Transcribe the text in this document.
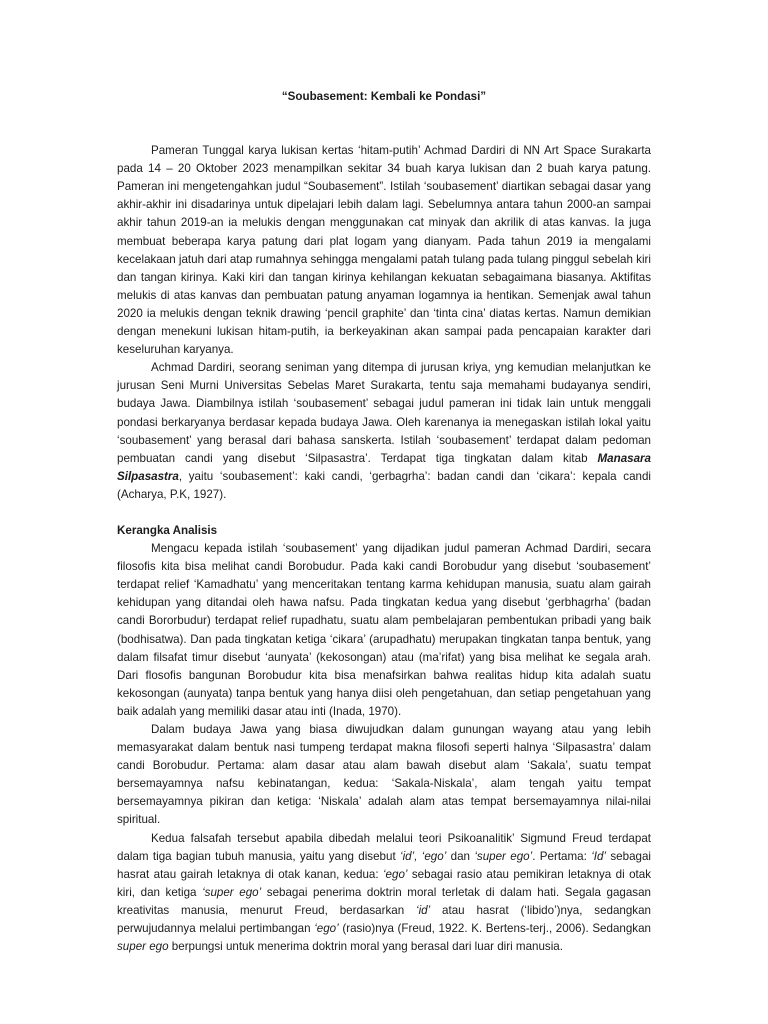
“Soubasement: Kembali ke Pondasi”

Pameran Tunggal karya lukisan kertas ‘hitam-putih’ Achmad Dardiri di NN Art Space Surakarta pada 14 – 20 Oktober 2023 menampilkan sekitar 34 buah karya lukisan dan 2 buah karya patung. Pameran ini mengetengahkan judul “Soubasement”. Istilah ‘soubasement’ diartikan sebagai dasar yang akhir-akhir ini disadarinya untuk dipelajari lebih dalam lagi. Sebelumnya antara tahun 2000-an sampai akhir tahun 2019-an ia melukis dengan menggunakan cat minyak dan akrilik di atas kanvas. Ia juga membuat beberapa karya patung dari plat logam yang dianyam. Pada tahun 2019 ia mengalami kecelakaan jatuh dari atap rumahnya sehingga mengalami patah tulang pada tulang pinggul sebelah kiri dan tangan kirinya. Kaki kiri dan tangan kirinya kehilangan kekuatan sebagaimana biasanya. Aktifitas melukis di atas kanvas dan pembuatan patung anyaman logamnya ia hentikan. Semenjak awal tahun 2020 ia melukis dengan teknik drawing ‘pencil graphite’ dan ‘tinta cina’ diatas kertas. Namun demikian dengan menekuni lukisan hitam-putih, ia berkeyakinan akan sampai pada pencapaian karakter dari keseluruhan karyanya.

Achmad Dardiri, seorang seniman yang ditempa di jurusan kriya, yng kemudian melanjutkan ke jurusan Seni Murni Universitas Sebelas Maret Surakarta, tentu saja memahami budayanya sendiri, budaya Jawa. Diambilnya istilah ‘soubasement’ sebagai judul pameran ini tidak lain untuk menggali pondasi berkaryanya berdasar kepada budaya Jawa. Oleh karenanya ia menegaskan istilah lokal yaitu ‘soubasement’ yang berasal dari bahasa sanskerta. Istilah ‘soubasement’ terdapat dalam pedoman pembuatan candi yang disebut ‘Silpasastra’. Terdapat tiga tingkatan dalam kitab Manasara Silpasastra, yaitu ‘soubasement’: kaki candi, ‘gerbagrha’: badan candi dan ‘cikara’: kepala candi (Acharya, P.K, 1927).

Kerangka Analisis

Mengacu kepada istilah ‘soubasement’ yang dijadikan judul pameran Achmad Dardiri, secara filosofis kita bisa melihat candi Borobudur. Pada kaki candi Borobudur yang disebut ‘soubasement’ terdapat relief ‘Kamadhatu’ yang menceritakan tentang karma kehidupan manusia, suatu alam gairah kehidupan yang ditandai oleh hawa nafsu. Pada tingkatan kedua yang disebut ‘gerbhagrha’ (badan candi Bororbudur) terdapat relief rupadhatu, suatu alam pembelajaran pembentukan pribadi yang baik (bodhisatwa). Dan pada tingkatan ketiga ‘cikara’ (arupadhatu) merupakan tingkatan tanpa bentuk, yang dalam filsafat timur disebut ‘aunyata’ (kekosongan) atau (ma’rifat) yang bisa melihat ke segala arah. Dari flosofis bangunan Borobudur kita bisa menafsirkan bahwa realitas hidup kita adalah suatu kekosongan (aunyata) tanpa bentuk yang hanya diisi oleh pengetahuan, dan setiap pengetahuan yang baik adalah yang memiliki dasar atau inti (Inada, 1970).

Dalam budaya Jawa yang biasa diwujudkan dalam gunungan wayang atau yang lebih memasyarakat dalam bentuk nasi tumpeng terdapat makna filosofi seperti halnya ‘Silpasastra’ dalam candi Borobudur. Pertama: alam dasar atau alam bawah disebut alam ‘Sakala’, suatu tempat bersemayamnya nafsu kebinatangan, kedua: ‘Sakala-Niskala’, alam tengah yaitu tempat bersemayamnya pikiran dan ketiga: ‘Niskala’ adalah alam atas tempat bersemayamnya nilai-nilai spiritual.

Kedua falsafah tersebut apabila dibedah melalui teori Psikoanalitik’ Sigmund Freud terdapat dalam tiga bagian tubuh manusia, yaitu yang disebut ‘id’, ‘ego’ dan ‘super ego’. Pertama: ‘Id’ sebagai hasrat atau gairah letaknya di otak kanan, kedua: ‘ego’ sebagai rasio atau pemikiran letaknya di otak kiri, dan ketiga ‘super ego’ sebagai penerima doktrin moral terletak di dalam hati. Segala gagasan kreativitas manusia, menurut Freud, berdasarkan ‘id’ atau hasrat (‘libido’)nya, sedangkan perwujudannya melalui pertimbangan ‘ego’ (rasio)nya (Freud, 1922. K. Bertens-terj., 2006). Sedangkan super ego berpungsi untuk menerima doktrin moral yang berasal dari luar diri manusia.
